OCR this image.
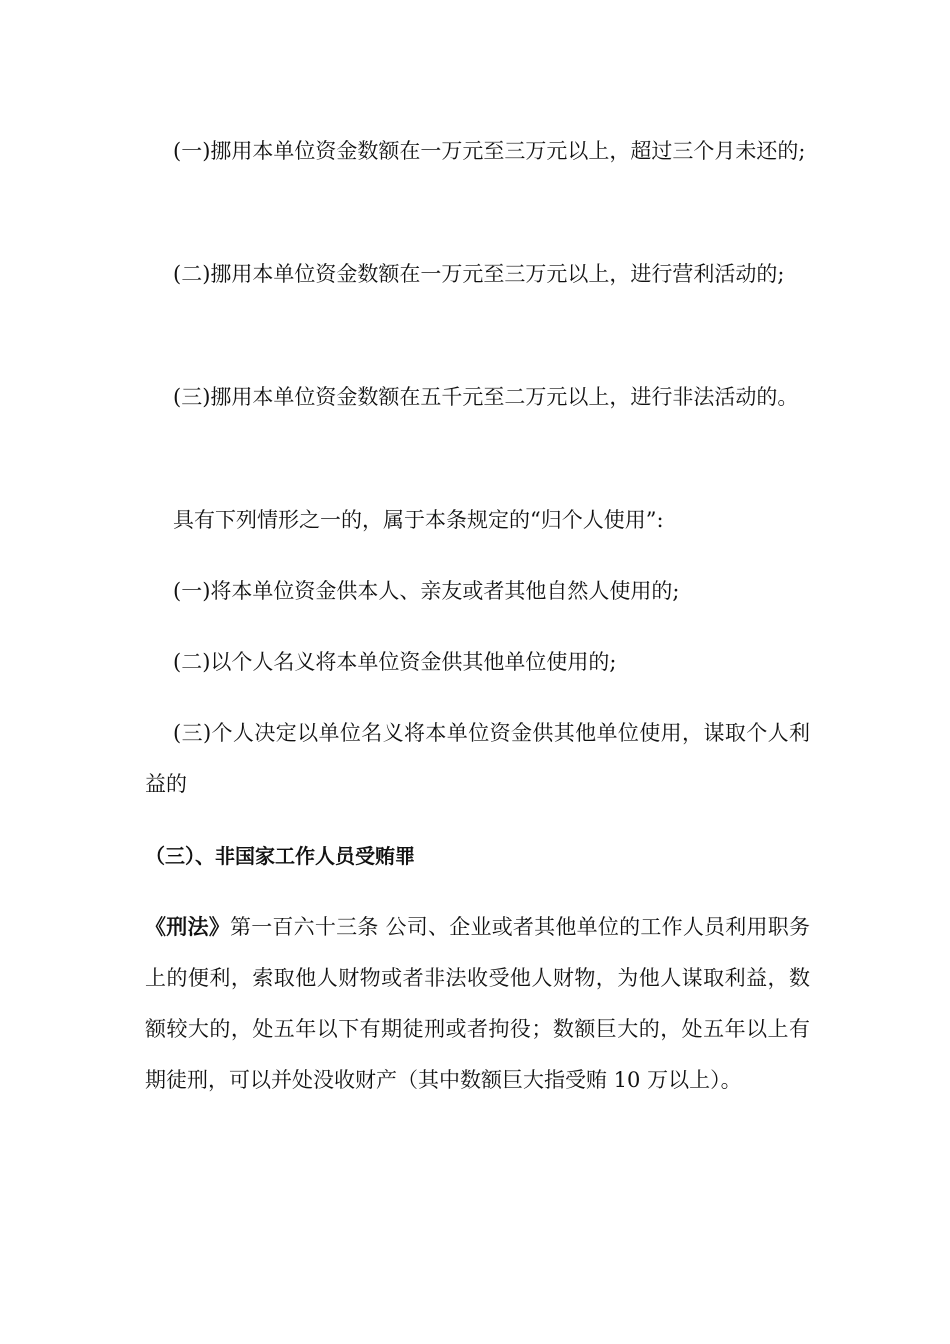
(一)挪用本单位资金数额在一万元至三万元以上，超过三个月未还的;

(二)挪用本单位资金数额在一万元至三万元以上，进行营利活动的;

(三)挪用本单位资金数额在五千元至二万元以上，进行非法活动的。

具有下列情形之一的，属于本条规定的“归个人使用”:

(一)将本单位资金供本人、亲友或者其他自然人使用的;

(二)以个人名义将本单位资金供其他单位使用的;

(三)个人决定以单位名义将本单位资金供其他单位使用，谋取个人利益的

（三）、非国家工作人员受贿罪

《刑法》第一百六十三条 公司、企业或者其他单位的工作人员利用职务上的便利，索取他人财物或者非法收受他人财物，为他人谋取利益，数额较大的，处五年以下有期徒刑或者拘役；数额巨大的，处五年以上有期徒刑，可以并处没收财产（其中数额巨大指受贿 10 万以上）。
